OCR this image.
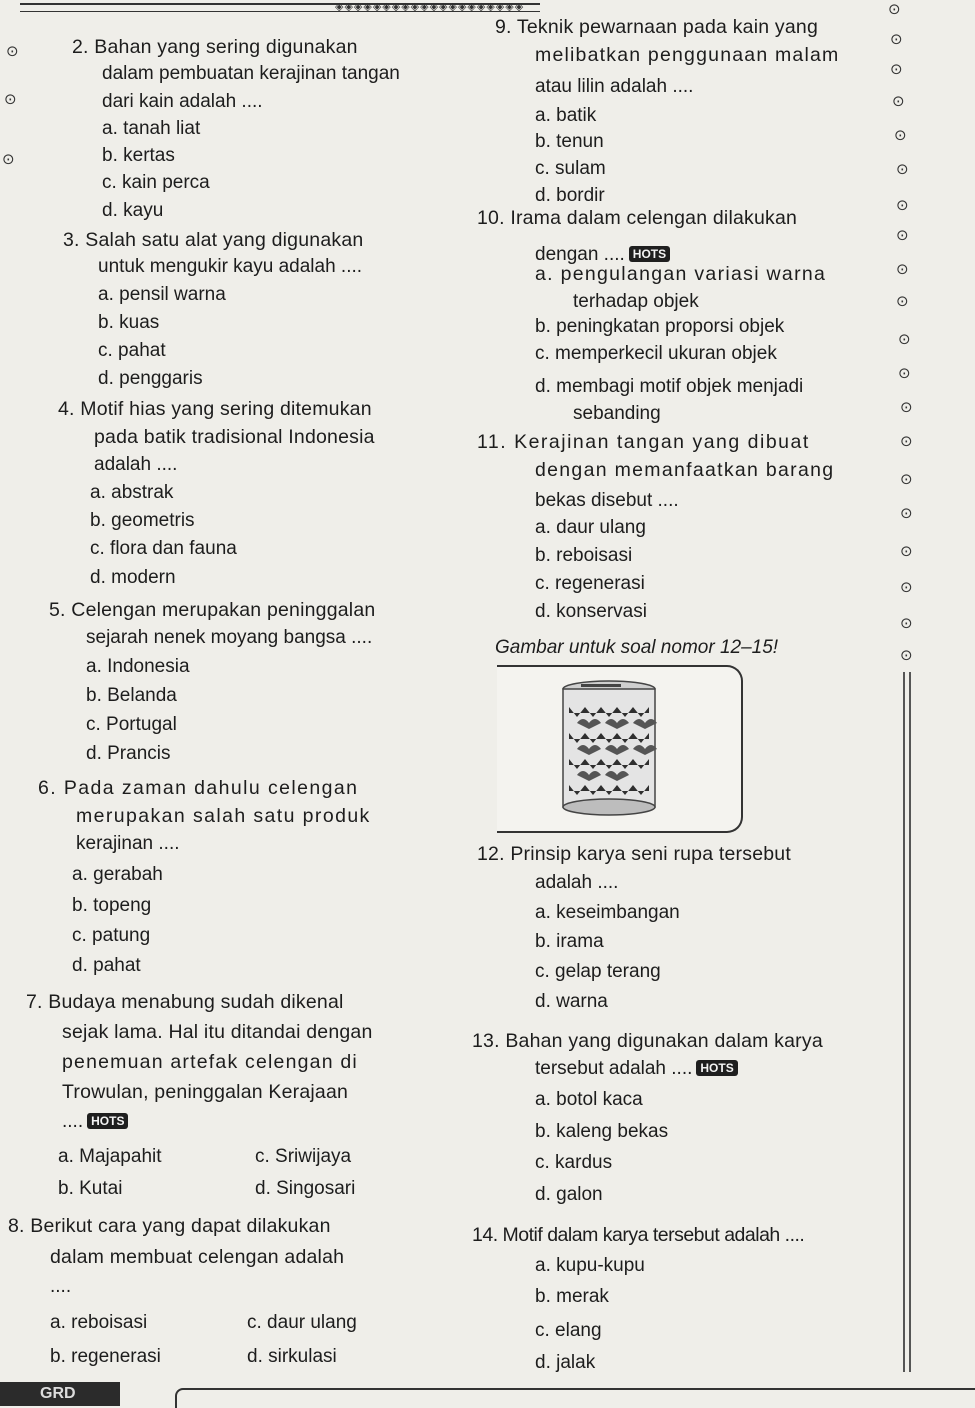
◈◈◈◈◈◈◈◈◈◈◈◈◈◈◈◈◈◈◈◈
2. Bahan yang sering digunakan
dalam pembuatan kerajinan tangan
dari kain adalah ....
a. tanah liat
b. kertas
c. kain perca
d. kayu
3. Salah satu alat yang digunakan
untuk mengukir kayu adalah ....
a. pensil warna
b. kuas
c. pahat
d. penggaris
4. Motif hias yang sering ditemukan
pada batik tradisional Indonesia
adalah ....
a. abstrak
b. geometris
c. flora dan fauna
d. modern
5. Celengan merupakan peninggalan
sejarah nenek moyang bangsa ....
a. Indonesia
b. Belanda
c. Portugal
d. Prancis
6. Pada zaman dahulu celengan
merupakan salah satu produk
kerajinan ....
a. gerabah
b. topeng
c. patung
d. pahat
7. Budaya menabung sudah dikenal
sejak lama. Hal itu ditandai dengan
penemuan artefak celengan di
Trowulan, peninggalan Kerajaan
.... HOTS
a. Majapahit	c. Sriwijaya
b. Kutai	d. Singosari
8. Berikut cara yang dapat dilakukan
dalam membuat celengan adalah
....
a. reboisasi	c. daur ulang
b. regenerasi	d. sirkulasi
9. Teknik pewarnaan pada kain yang
melibatkan penggunaan malam
atau lilin adalah ....
a. batik
b. tenun
c. sulam
d. bordir
10. Irama dalam celengan dilakukan
dengan .... HOTS
a. pengulangan variasi warna
terhadap objek
b. peningkatan proporsi objek
c. memperkecil ukuran objek
d. membagi motif objek menjadi
sebanding
11. Kerajinan tangan yang dibuat
dengan memanfaatkan barang
bekas disebut ....
a. daur ulang
b. reboisasi
c. regenerasi
d. konservasi
Gambar untuk soal nomor 12–15!
12. Prinsip karya seni rupa tersebut
adalah ....
a. keseimbangan
b. irama
c. gelap terang
d. warna
13. Bahan yang digunakan dalam karya
tersebut adalah .... HOTS
a. botol kaca
b. kaleng bekas
c. kardus
d. galon
14. Motif dalam karya tersebut adalah ....
a. kupu-kupu
b. merak
c. elang
d. jalak
⊙
⊙
⊙
⊙
⊙
⊙
⊙
⊙
⊙
⊙
⊙
⊙
⊙
⊙
⊙
⊙
⊙
⊙
⊙
⊙
⊙
⊙
⊙
GRD
